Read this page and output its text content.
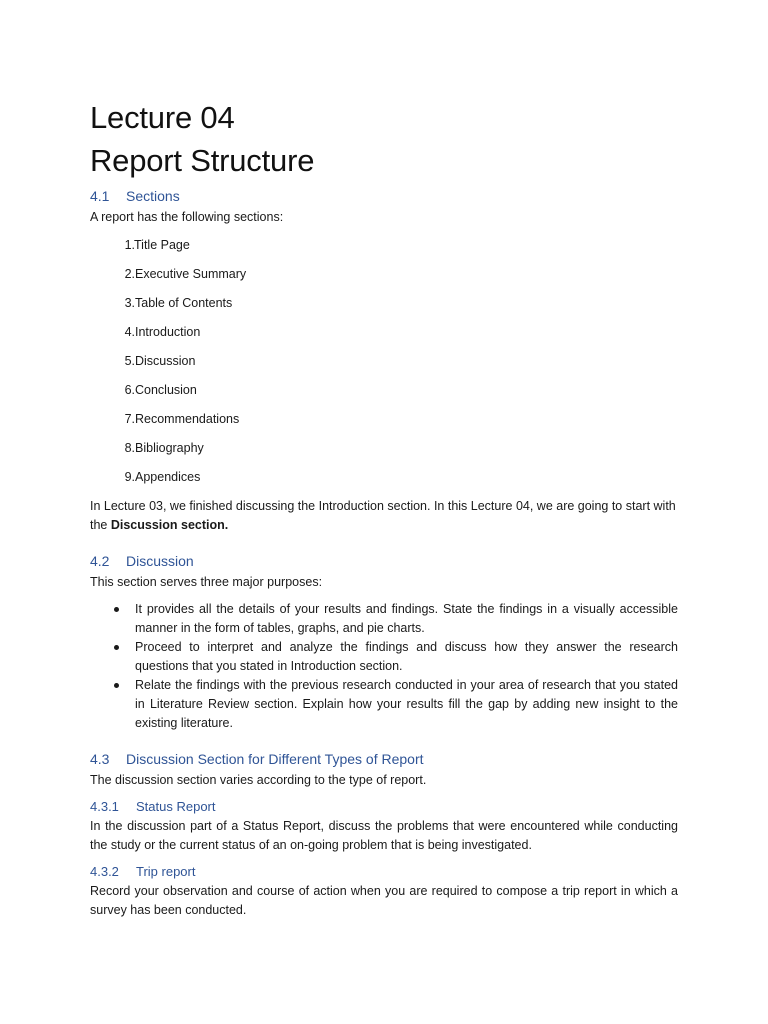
Lecture 04
Report Structure
4.1	Sections

A report has the following sections:

1. Title Page
2. Executive Summary
3. Table of Contents
4. Introduction
5. Discussion
6. Conclusion
7. Recommendations
8. Bibliography
9. Appendices

In Lecture 03, we finished discussing the Introduction section. In this Lecture 04, we are going to start with the Discussion section.

4.2	Discussion

This section serves three major purposes:

It provides all the details of your results and findings. State the findings in a visually accessible manner in the form of tables, graphs, and pie charts.
Proceed to interpret and analyze the findings and discuss how they answer the research questions that you stated in Introduction section.
Relate the findings with the previous research conducted in your area of research that you stated in Literature Review section. Explain how your results fill the gap by adding new insight to the existing literature.
4.3	Discussion Section for Different Types of Report

The discussion section varies according to the type of report.

4.3.1	Status Report

In the discussion part of a Status Report, discuss the problems that were encountered while conducting the study or the current status of an on-going problem that is being investigated.

4.3.2	Trip report

Record your observation and course of action when you are required to compose a trip report in which a survey has been conducted.
